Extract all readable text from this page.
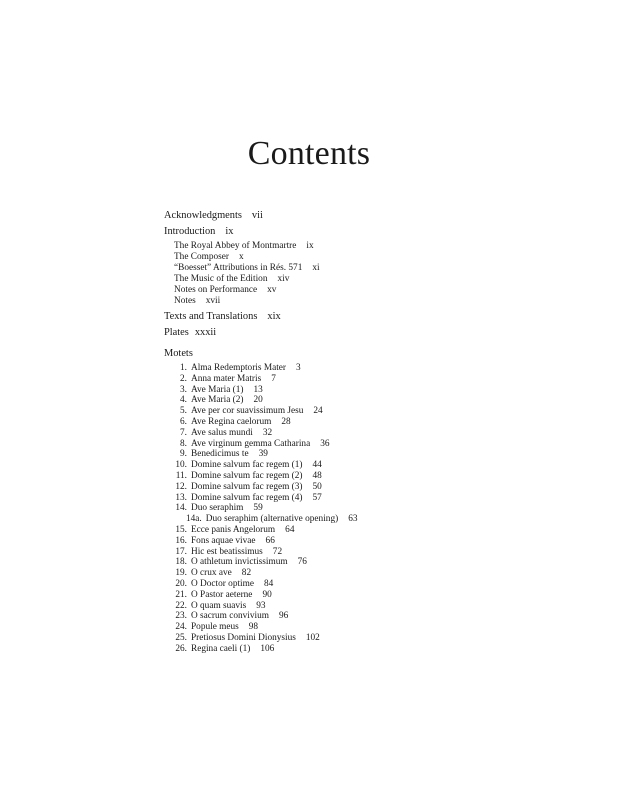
Contents
Acknowledgments vii
Introduction ix
The Royal Abbey of Montmartre ix
The Composer x
“Boesset” Attributions in Rés. 571 xi
The Music of the Edition xiv
Notes on Performance xv
Notes xvii
Texts and Translations xix
Plates xxxii
Motets
1. Alma Redemptoris Mater 3
2. Anna mater Matris 7
3. Ave Maria (1) 13
4. Ave Maria (2) 20
5. Ave per cor suavissimum Jesu 24
6. Ave Regina caelorum 28
7. Ave salus mundi 32
8. Ave virginum gemma Catharina 36
9. Benedicimus te 39
10. Domine salvum fac regem (1) 44
11. Domine salvum fac regem (2) 48
12. Domine salvum fac regem (3) 50
13. Domine salvum fac regem (4) 57
14. Duo seraphim 59
14a. Duo seraphim (alternative opening) 63
15. Ecce panis Angelorum 64
16. Fons aquae vivae 66
17. Hic est beatissimus 72
18. O athletum invictissimum 76
19. O crux ave 82
20. O Doctor optime 84
21. O Pastor aeterne 90
22. O quam suavis 93
23. O sacrum convivium 96
24. Popule meus 98
25. Pretiosus Domini Dionysius 102
26. Regina caeli (1) 106
